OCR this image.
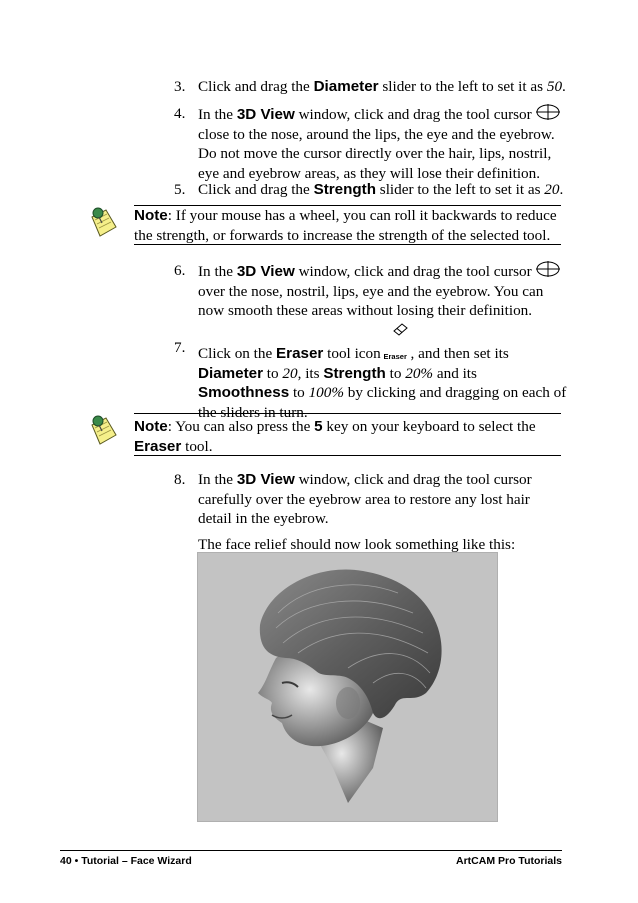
3. Click and drag the Diameter slider to the left to set it as 50.
4. In the 3D View window, click and drag the tool cursor
close to the nose, around the lips, the eye and the eyebrow.
Do not move the cursor directly over the hair, lips, nostril,
eye and eyebrow areas, as they will lose their definition.
5. Click and drag the Strength slider to the left to set it as 20.
Note: If your mouse has a wheel, you can roll it backwards to reduce
the strength, or forwards to increase the strength of the selected tool.
6. In the 3D View window, click and drag the tool cursor
over the nose, nostril, lips, eye and the eyebrow. You can
now smooth these areas without losing their definition.
7. Click on the Eraser tool icon Eraser , and then set its
Diameter to 20, its Strength to 20% and its
Smoothness to 100% by clicking and dragging on each of
the sliders in turn.
Note: You can also press the 5 key on your keyboard to select the
Eraser tool.
8. In the 3D View window, click and drag the tool cursor
carefully over the eyebrow area to restore any lost hair
detail in the eyebrow.
The face relief should now look something like this:
40 • Tutorial – Face Wizard	ArtCAM Pro Tutorials
